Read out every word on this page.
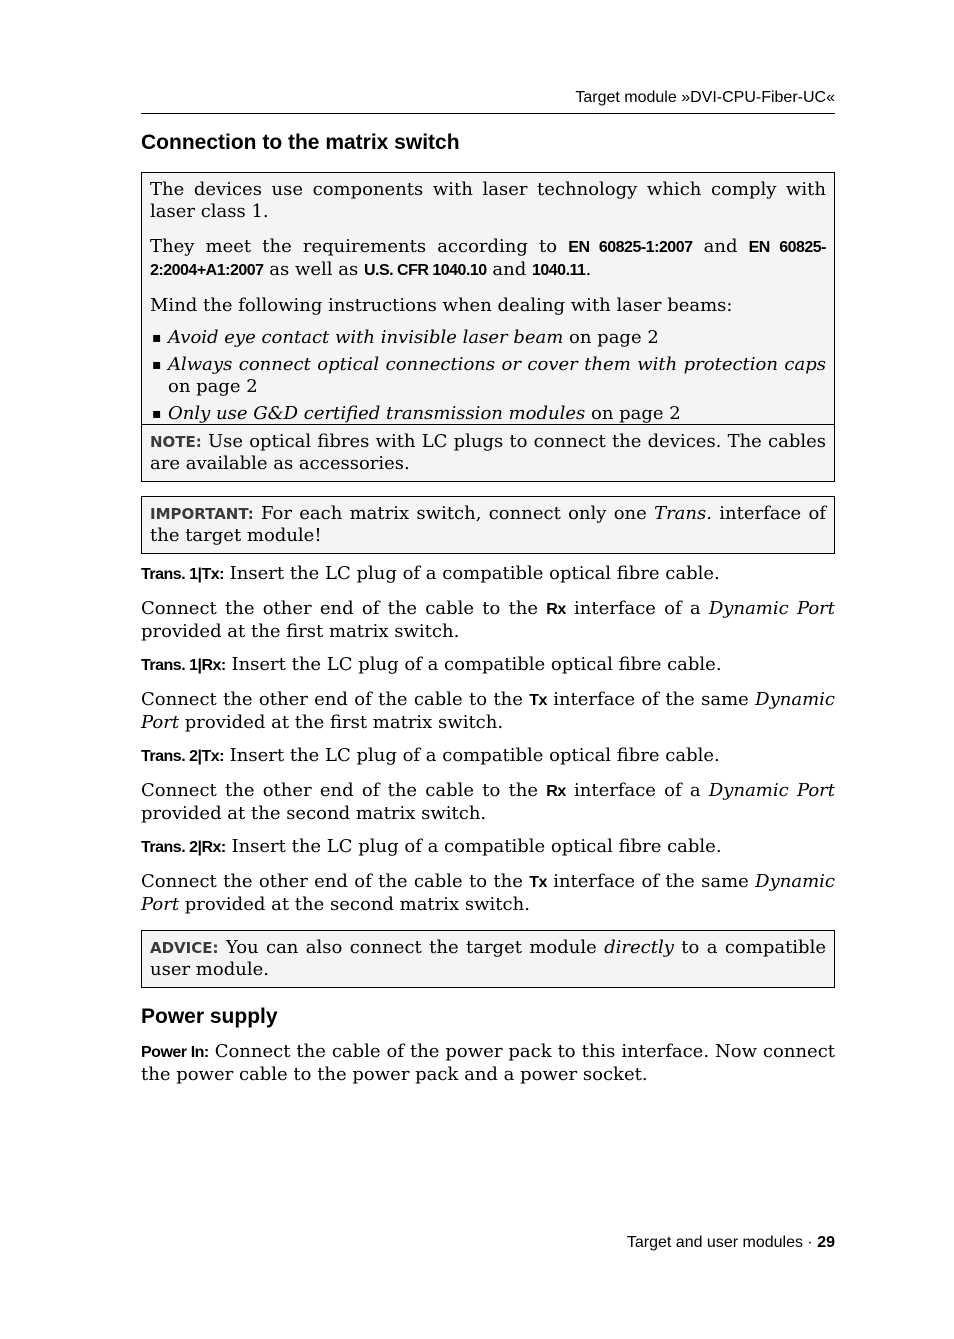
Target module »DVI-CPU-Fiber-UC«
Connection to the matrix switch

The devices use components with laser technology which comply with laser class 1.

They meet the requirements according to EN 60825-1:2007 and EN 60825-2:2004+A1:2007 as well as U.S. CFR 1040.10 and 1040.11.

Mind the following instructions when dealing with laser beams:

▪ Avoid eye contact with invisible laser beam on page 2
▪ Always connect optical connections or cover them with protection caps on page 2
▪ Only use G&D certified transmission modules on page 2

NOTE: Use optical fibres with LC plugs to connect the devices. The cables are available as accessories.

IMPORTANT: For each matrix switch, connect only one Trans. interface of the target module!

Trans. 1|Tx: Insert the LC plug of a compatible optical fibre cable.

Connect the other end of the cable to the Rx interface of a Dynamic Port provided at the first matrix switch.

Trans. 1|Rx: Insert the LC plug of a compatible optical fibre cable.

Connect the other end of the cable to the Tx interface of the same Dynamic Port provided at the first matrix switch.

Trans. 2|Tx: Insert the LC plug of a compatible optical fibre cable.

Connect the other end of the cable to the Rx interface of a Dynamic Port provided at the second matrix switch.

Trans. 2|Rx: Insert the LC plug of a compatible optical fibre cable.

Connect the other end of the cable to the Tx interface of the same Dynamic Port provided at the second matrix switch.

ADVICE: You can also connect the target module directly to a compatible user module.

Power supply

Power In: Connect the cable of the power pack to this interface. Now connect the power cable to the power pack and a power socket.

Target and user modules · 29
